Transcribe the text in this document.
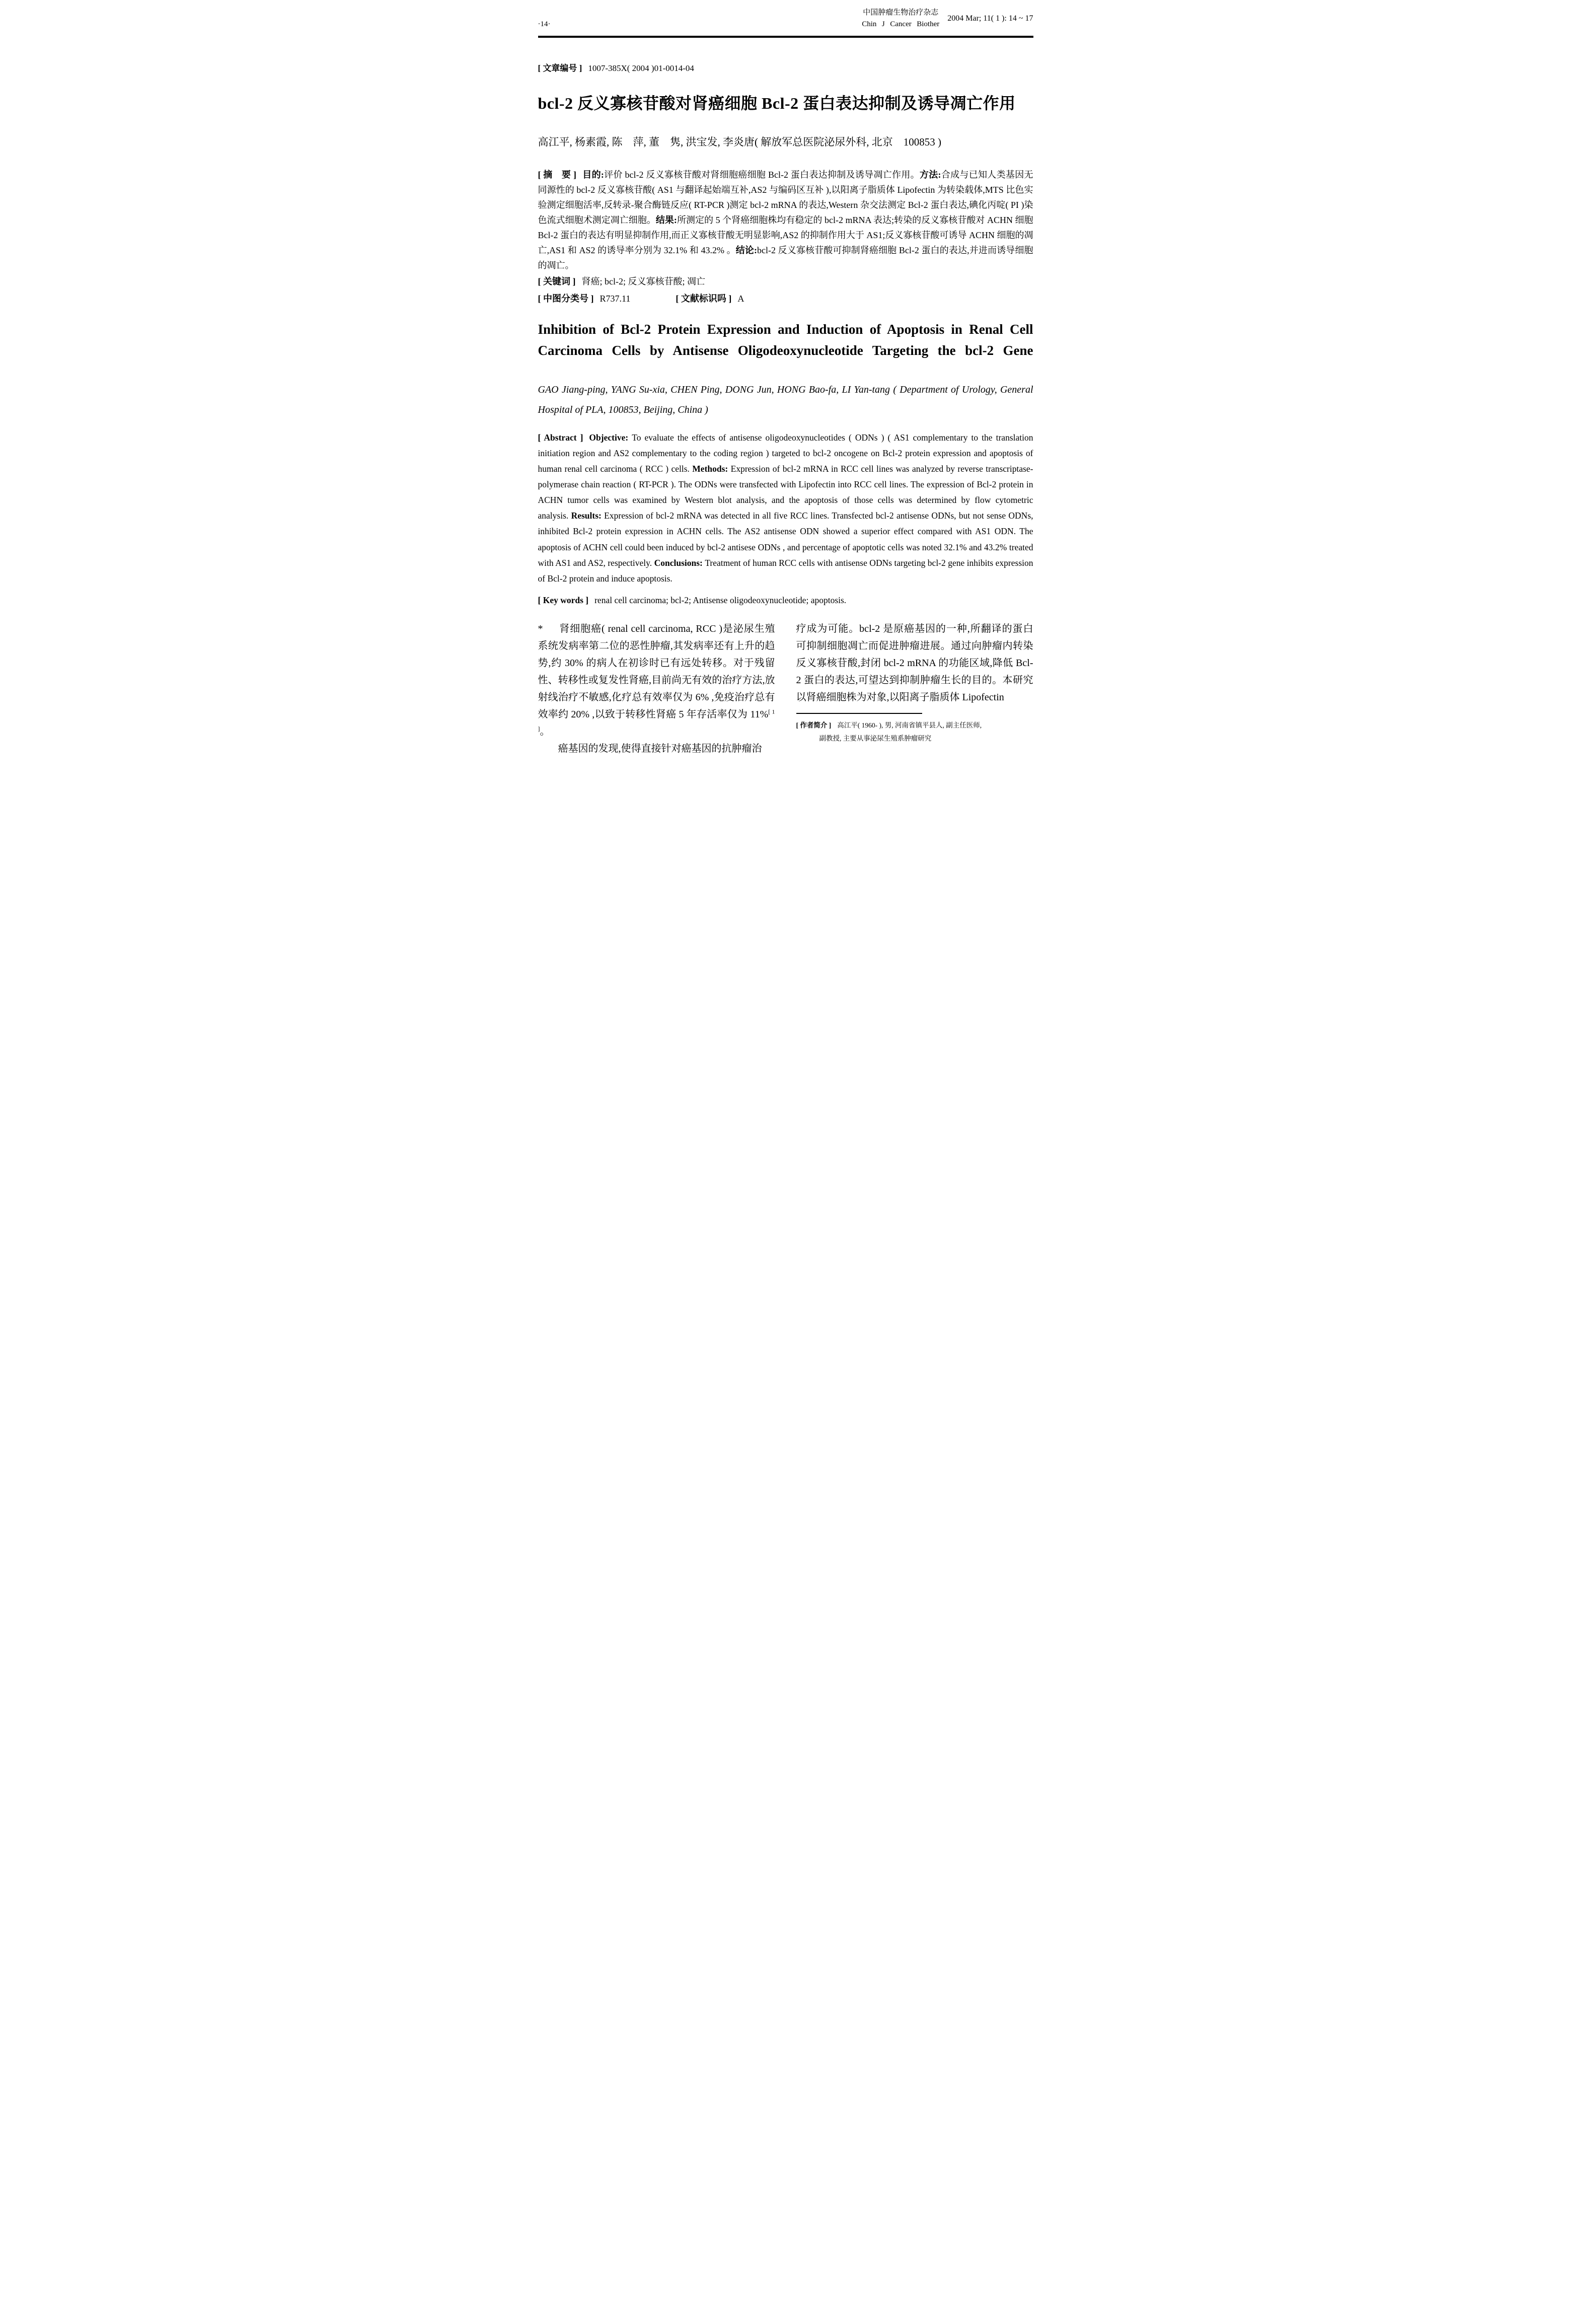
·14·
中国肿瘤生物治疗杂志
Chin J Cancer Biother
2004 Mar; 11( 1 ): 14 ~ 17
[ 文章编号 ] 1007-385X( 2004 )01-0014-04
bcl-2 反义寡核苷酸对肾癌细胞 Bcl-2 蛋白表达抑制及诱导凋亡作用
高江平, 杨素霞, 陈　萍, 董　隽, 洪宝发, 李炎唐( 解放军总医院泌尿外科, 北京　100853 )
[ 摘　要 ] 目的:评价 bcl-2 反义寡核苷酸对肾细胞癌细胞 Bcl-2 蛋白表达抑制及诱导凋亡作用。方法:合成与已知人类基因无同源性的 bcl-2 反义寡核苷酸( AS1 与翻译起始端互补,AS2 与编码区互补 ),以阳离子脂质体 Lipofectin 为转染载体,MTS 比色实验测定细胞活率,反转录-聚合酶链反应( RT-PCR )测定 bcl-2 mRNA 的表达,Western 杂交法测定 Bcl-2 蛋白表达,碘化丙啶( PI )染色流式细胞术测定凋亡细胞。结果:所测定的 5 个肾癌细胞株均有稳定的 bcl-2 mRNA 表达;转染的反义寡核苷酸对 ACHN 细胞 Bcl-2 蛋白的表达有明显抑制作用,而正义寡核苷酸无明显影响,AS2 的抑制作用大于 AS1;反义寡核苷酸可诱导 ACHN 细胞的凋亡,AS1 和 AS2 的诱导率分别为 32.1% 和 43.2% 。结论:bcl-2 反义寡核苷酸可抑制肾癌细胞 Bcl-2 蛋白的表达,并进而诱导细胞的凋亡。
[ 关键词 ] 肾癌; bcl-2; 反义寡核苷酸; 凋亡
[ 中图分类号 ] R737.11	[ 文献标识吗 ] A
Inhibition of Bcl-2 Protein Expression and Induction of Apoptosis in Renal Cell Carcinoma Cells by Antisense Oligodeoxynucleotide Targeting the bcl-2 Gene
GAO Jiang-ping, YANG Su-xia, CHEN Ping, DONG Jun, HONG Bao-fa, LI Yan-tang ( Department of Urology, General Hospital of PLA, 100853, Beijing, China )
[ Abstract ] Objective: To evaluate the effects of antisense oligodeoxynucleotides ( ODNs ) ( AS1 complementary to the translation initiation region and AS2 complementary to the coding region ) targeted to bcl-2 oncogene on Bcl-2 protein expression and apoptosis of human renal cell carcinoma ( RCC ) cells. Methods: Expression of bcl-2 mRNA in RCC cell lines was analyzed by reverse transcriptase-polymerase chain reaction ( RT-PCR ). The ODNs were transfected with Lipofectin into RCC cell lines. The expression of Bcl-2 protein in ACHN tumor cells was examined by Western blot analysis, and the apoptosis of those cells was determined by flow cytometric analysis. Results: Expression of bcl-2 mRNA was detected in all five RCC lines. Transfected bcl-2 antisense ODNs, but not sense ODNs, inhibited Bcl-2 protein expression in ACHN cells. The AS2 antisense ODN showed a superior effect compared with AS1 ODN. The apoptosis of ACHN cell could been induced by bcl-2 antisese ODNs , and percentage of apoptotic cells was noted 32.1% and 43.2% treated with AS1 and AS2, respectively. Conclusions: Treatment of human RCC cells with antisense ODNs targeting bcl-2 gene inhibits expression of Bcl-2 protein and induce apoptosis.
[ Key words ] renal cell carcinoma; bcl-2; Antisense oligodeoxynucleotide; apoptosis.

* 肾细胞癌( renal cell carcinoma, RCC )是泌尿生殖系统发病率第二位的恶性肿瘤,其发病率还有上升的趋势,约 30% 的病人在初诊时已有远处转移。对于残留性、转移性或复发性肾癌,目前尚无有效的治疗方法,放射线治疗不敏感,化疗总有效率仅为 6% ,免疫治疗总有效率约 20% ,以致于转移性肾癌 5 年存活率仅为 11%[ 1 ]。

癌基因的发现,使得直接针对癌基因的抗肿瘤治

疗成为可能。bcl-2 是原癌基因的一种,所翻译的蛋白可抑制细胞凋亡而促进肿瘤进展。通过向肿瘤内转染反义寡核苷酸,封闭 bcl-2 mRNA 的功能区域,降低 Bcl-2 蛋白的表达,可望达到抑制肿瘤生长的目的。本研究以肾癌细胞株为对象,以阳离子脂质体 Lipofectin

[ 作者简介 ] 高江平( 1960- ), 男, 河南省镇平县人, 副主任医师,
副教授, 主要从事泌尿生殖系肿瘤研究
